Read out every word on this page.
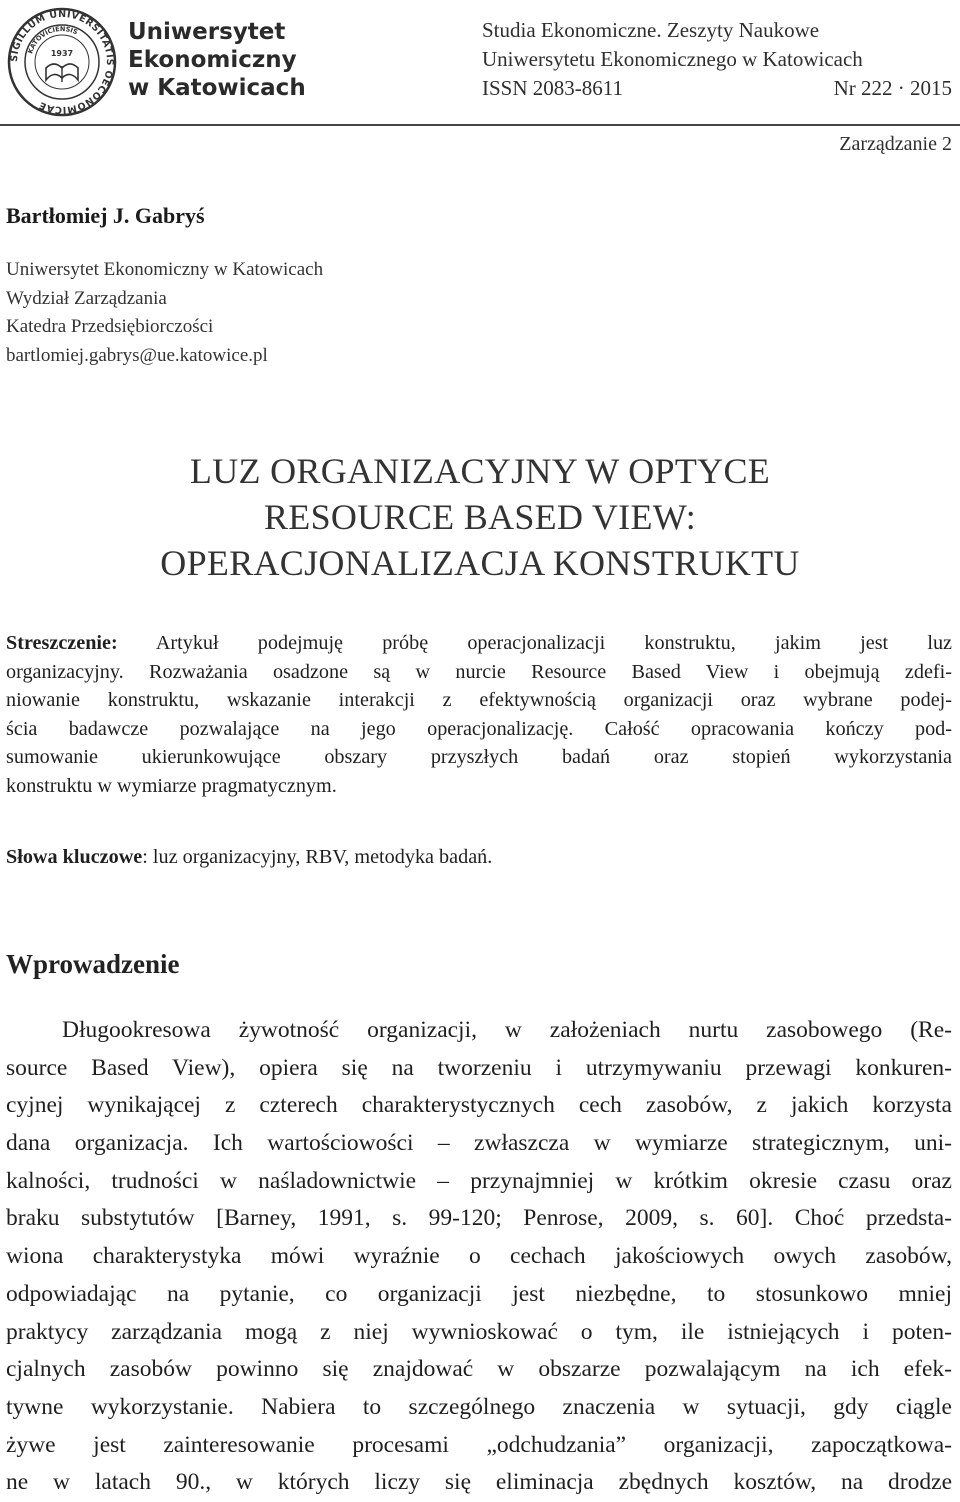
SIGILLUM UNIVERSITATIS OECONOMICAE
KATOVICIENSIS
1937
Uniwersytet
Ekonomiczny
w Katowicach
Studia Ekonomiczne. Zeszyty Naukowe
Uniwersytetu Ekonomicznego w Katowicach
ISSN 2083-8611	Nr 222 · 2015
Zarządzanie 2
Bartłomiej J. Gabryś
Uniwersytet Ekonomiczny w Katowicach
Wydział Zarządzania
Katedra Przedsiębiorczości
bartlomiej.gabrys@ue.katowice.pl
LUZ ORGANIZACYJNY W OPTYCE
RESOURCE BASED VIEW:
OPERACJONALIZACJA KONSTRUKTU
Streszczenie: Artykuł podejmuję próbę operacjonalizacji konstruktu, jakim jest luz
organizacyjny. Rozważania osadzone są w nurcie Resource Based View i obejmują zdefi-
niowanie konstruktu, wskazanie interakcji z efektywnością organizacji oraz wybrane podej-
ścia badawcze pozwalające na jego operacjonalizację. Całość opracowania kończy pod-
sumowanie ukierunkowujące obszary przyszłych badań oraz stopień wykorzystania
konstruktu w wymiarze pragmatycznym.
Słowa kluczowe: luz organizacyjny, RBV, metodyka badań.
Wprowadzenie
Długookresowa żywotność organizacji, w założeniach nurtu zasobowego (Re-
source Based View), opiera się na tworzeniu i utrzymywaniu przewagi konkuren-
cyjnej wynikającej z czterech charakterystycznych cech zasobów, z jakich korzysta
dana organizacja. Ich wartościowości – zwłaszcza w wymiarze strategicznym, uni-
kalności, trudności w naśladownictwie – przynajmniej w krótkim okresie czasu oraz
braku substytutów [Barney, 1991, s. 99-120; Penrose, 2009, s. 60]. Choć przedsta-
wiona charakterystyka mówi wyraźnie o cechach jakościowych owych zasobów,
odpowiadając na pytanie, co organizacji jest niezbędne, to stosunkowo mniej
praktycy zarządzania mogą z niej wywnioskować o tym, ile istniejących i poten-
cjalnych zasobów powinno się znajdować w obszarze pozwalającym na ich efek-
tywne wykorzystanie. Nabiera to szczególnego znaczenia w sytuacji, gdy ciągle
żywe jest zainteresowanie procesami „odchudzania” organizacji, zapoczątkowa-
ne w latach 90., w których liczy się eliminacja zbędnych kosztów, na drodze
